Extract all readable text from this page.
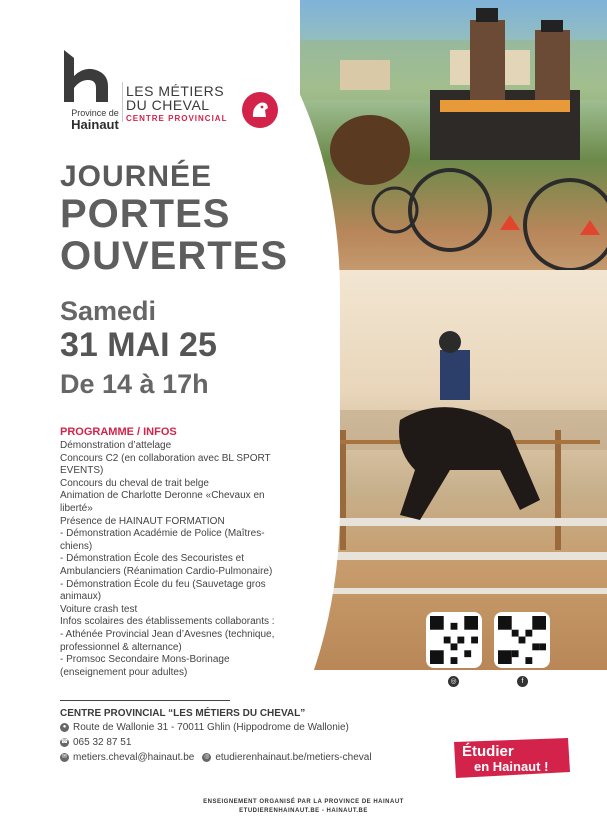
Province de
Hainaut
LES MÉTIERS
DU CHEVAL
CENTRE PROVINCIAL
JOURNÉE
PORTES
OUVERTES
Samedi
31 MAI 25
De 14 à 17h
PROGRAMME / INFOS
Démonstration d’attelage
Concours C2 (en collaboration avec BL SPORT
EVENTS)
Concours du cheval de trait belge
Animation de Charlotte Deronne «Chevaux en
liberté»
Présence de HAINAUT FORMATION
- Démonstration Académie de Police (Maîtres-
chiens)
- Démonstration École des Secouristes et
Ambulanciers (Réanimation Cardio-Pulmonaire)
- Démonstration École du feu (Sauvetage gros
animaux)
Voiture crash test
Infos scolaires des établissements collaborants :
- Athénée Provincial Jean d’Avesnes (technique,
professionnel & alternance)
- Promsoc Secondaire Mons-Borinage
(enseignement pour adultes)
◎	f
CENTRE PROVINCIAL “LES MÉTIERS DU CHEVAL”
● Route de Wallonie 31 - 70011 Ghlin (Hippodrome de Wallonie)
☎ 065 32 87 51
✉ metiers.cheval@hainaut.be	◎ etudierenhainaut.be/metiers-cheval	Étudier
en Hainaut !
ENSEIGNEMENT ORGANISÉ PAR LA PROVINCE DE HAINAUT
ETUDIERENHAINAUT.BE - HAINAUT.BE
